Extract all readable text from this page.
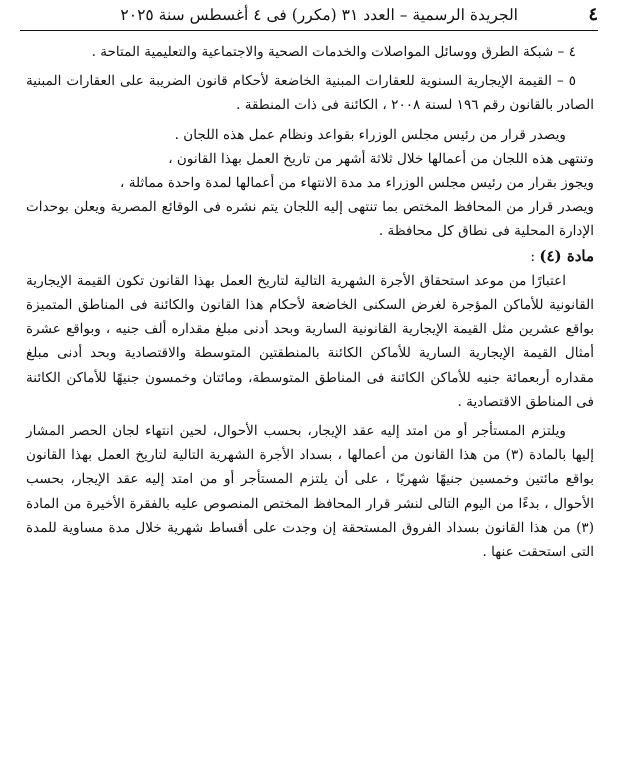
٤
الجريدة الرسمية – العدد ٣١ (مكرر) فى ٤ أغسطس سنة ٢٠٢٥

٤ – شبكة الطرق ووسائل المواصلات والخدمات الصحية والاجتماعية والتعليمية المتاحة .

٥ – القيمة الإيجارية السنوية للعقارات المبنية الخاضعة لأحكام قانون الضريبة على العقارات المبنية الصادر بالقانون رقم ١٩٦ لسنة ٢٠٠٨ ، الكائنة فى ذات المنطقة .

ويصدر قرار من رئيس مجلس الوزراء بقواعد ونظام عمل هذه اللجان .

وتنتهى هذه اللجان من أعمالها خلال ثلاثة أشهر من تاريخ العمل بهذا القانون ،

ويجوز بقرار من رئيس مجلس الوزراء مد مدة الانتهاء من أعمالها لمدة واحدة مماثلة ،

ويصدر قرار من المحافظ المختص بما تنتهى إليه اللجان يتم نشره فى الوقائع المصرية ويعلن بوحدات الإدارة المحلية فى نطاق كل محافظة .

مادة (٤) :

اعتبارًا من موعد استحقاق الأجرة الشهرية التالية لتاريخ العمل بهذا القانون تكون القيمة الإيجارية القانونية للأماكن المؤجرة لغرض السكنى الخاضعة لأحكام هذا القانون والكائنة فى المناطق المتميزة بواقع عشرين مثل القيمة الإيجارية القانونية السارية وبحد أدنى مبلغ مقداره ألف جنيه ، وبواقع عشرة أمثال القيمة الإيجارية السارية للأماكن الكائنة بالمنطقتين المتوسطة والاقتصادية وبحد أدنى مبلغ مقداره أربعمائة جنيه للأماكن الكائنة فى المناطق المتوسطة، ومائتان وخمسون جنيهًا للأماكن الكائنة فى المناطق الاقتصادية .

ويلتزم المستأجر أو من امتد إليه عقد الإيجار، بحسب الأحوال، لحين انتهاء لجان الحصر المشار إليها بالمادة (٣) من هذا القانون من أعمالها ، بسداد الأجرة الشهرية التالية لتاريخ العمل بهذا القانون بواقع مائتين وخمسين جنيهًا شهريًا ، على أن يلتزم المستأجر أو من امتد إليه عقد الإيجار، بحسب الأحوال ، بدءًا من اليوم التالى لنشر قرار المحافظ المختص المنصوص عليه بالفقرة الأخيرة من المادة (٣) من هذا القانون بسداد الفروق المستحقة إن وجدت على أقساط شهرية خلال مدة مساوية للمدة التى استحقت عنها .
